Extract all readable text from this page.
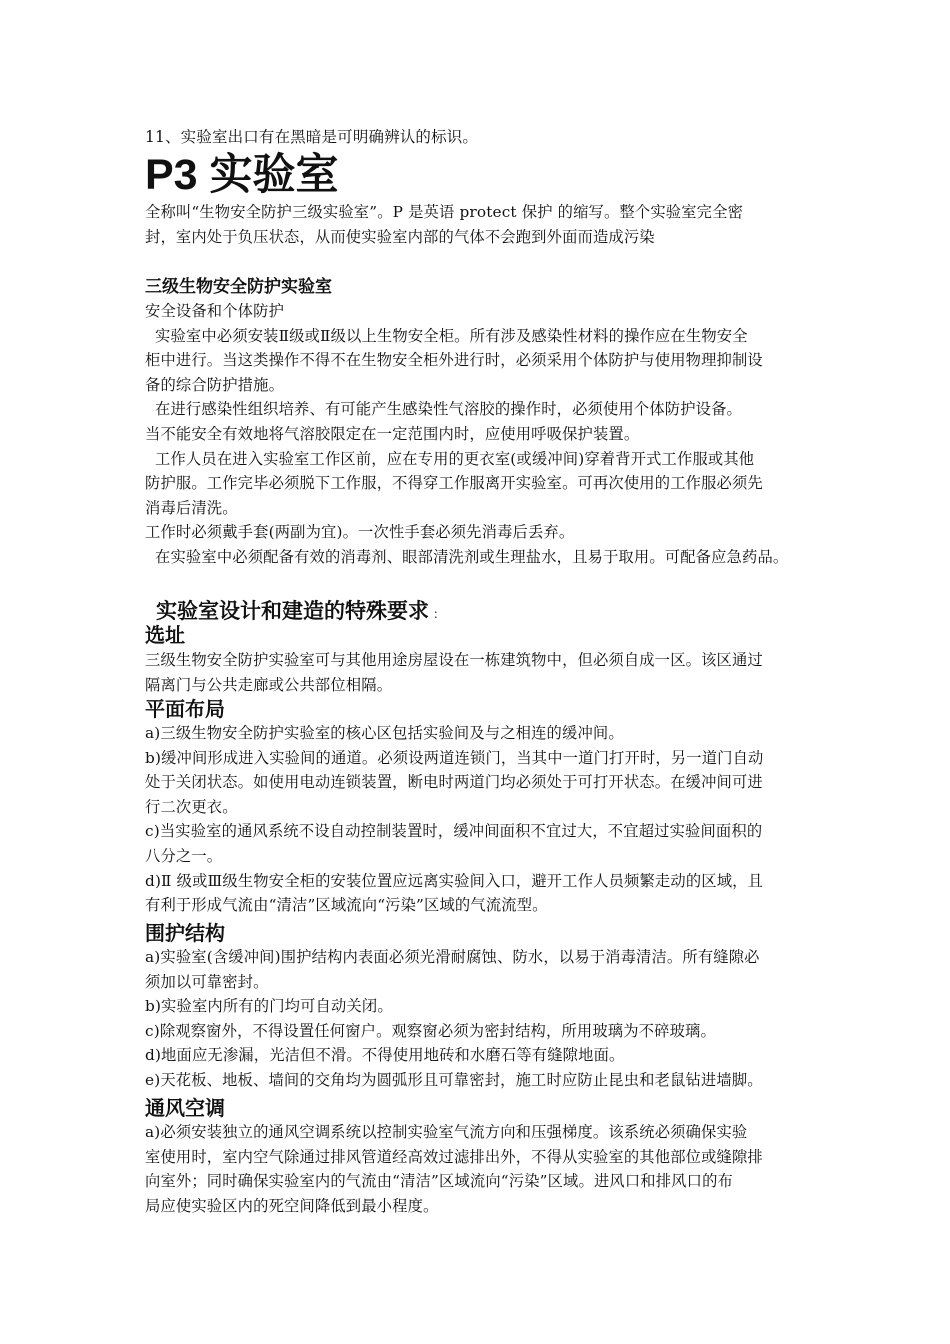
11、实验室出口有在黑暗是可明确辨认的标识。

P3 实验室

全称叫“生物安全防护三级实验室”。P 是英语 protect 保护 的缩写。整个实验室完全密

封，室内处于负压状态，从而使实验室内部的气体不会跑到外面而造成污染

三级生物安全防护实验室

安全设备和个体防护

实验室中必须安装Ⅱ级或Ⅱ级以上生物安全柜。所有涉及感染性材料的操作应在生物安全

柜中进行。当这类操作不得不在生物安全柜外进行时，必须采用个体防护与使用物理抑制设

备的综合防护措施。

在进行感染性组织培养、有可能产生感染性气溶胶的操作时，必须使用个体防护设备。

当不能安全有效地将气溶胶限定在一定范围内时，应使用呼吸保护装置。

工作人员在进入实验室工作区前，应在专用的更衣室(或缓冲间)穿着背开式工作服或其他

防护服。工作完毕必须脱下工作服，不得穿工作服离开实验室。可再次使用的工作服必须先

消毒后清洗。

工作时必须戴手套(两副为宜)。一次性手套必须先消毒后丢弃。

在实验室中必须配备有效的消毒剂、眼部清洗剂或生理盐水，且易于取用。可配备应急药品。

实验室设计和建造的特殊要求 ：
选址

三级生物安全防护实验室可与其他用途房屋设在一栋建筑物中，但必须自成一区。该区通过

隔离门与公共走廊或公共部位相隔。

平面布局

a)三级生物安全防护实验室的核心区包括实验间及与之相连的缓冲间。

b)缓冲间形成进入实验间的通道。必须设两道连锁门，当其中一道门打开时，另一道门自动

处于关闭状态。如使用电动连锁装置，断电时两道门均必须处于可打开状态。在缓冲间可进

行二次更衣。

c)当实验室的通风系统不设自动控制装置时，缓冲间面积不宜过大，不宜超过实验间面积的

八分之一。

d)Ⅱ 级或Ⅲ级生物安全柜的安装位置应远离实验间入口，避开工作人员频繁走动的区域，且

有利于形成气流由“清洁”区域流向“污染”区域的气流流型。

围护结构

a)实验室(含缓冲间)围护结构内表面必须光滑耐腐蚀、防水，以易于消毒清洁。所有缝隙必

须加以可靠密封。

b)实验室内所有的门均可自动关闭。

c)除观察窗外，不得设置任何窗户。观察窗必须为密封结构，所用玻璃为不碎玻璃。

d)地面应无渗漏，光洁但不滑。不得使用地砖和水磨石等有缝隙地面。

e)天花板、地板、墙间的交角均为圆弧形且可靠密封，施工时应防止昆虫和老鼠钻进墙脚。

通风空调

a)必须安装独立的通风空调系统以控制实验室气流方向和压强梯度。该系统必须确保实验

室使用时，室内空气除通过排风管道经高效过滤排出外，不得从实验室的其他部位或缝隙排

向室外；同时确保实验室内的气流由“清洁”区域流向“污染”区域。进风口和排风口的布

局应使实验区内的死空间降低到最小程度。
